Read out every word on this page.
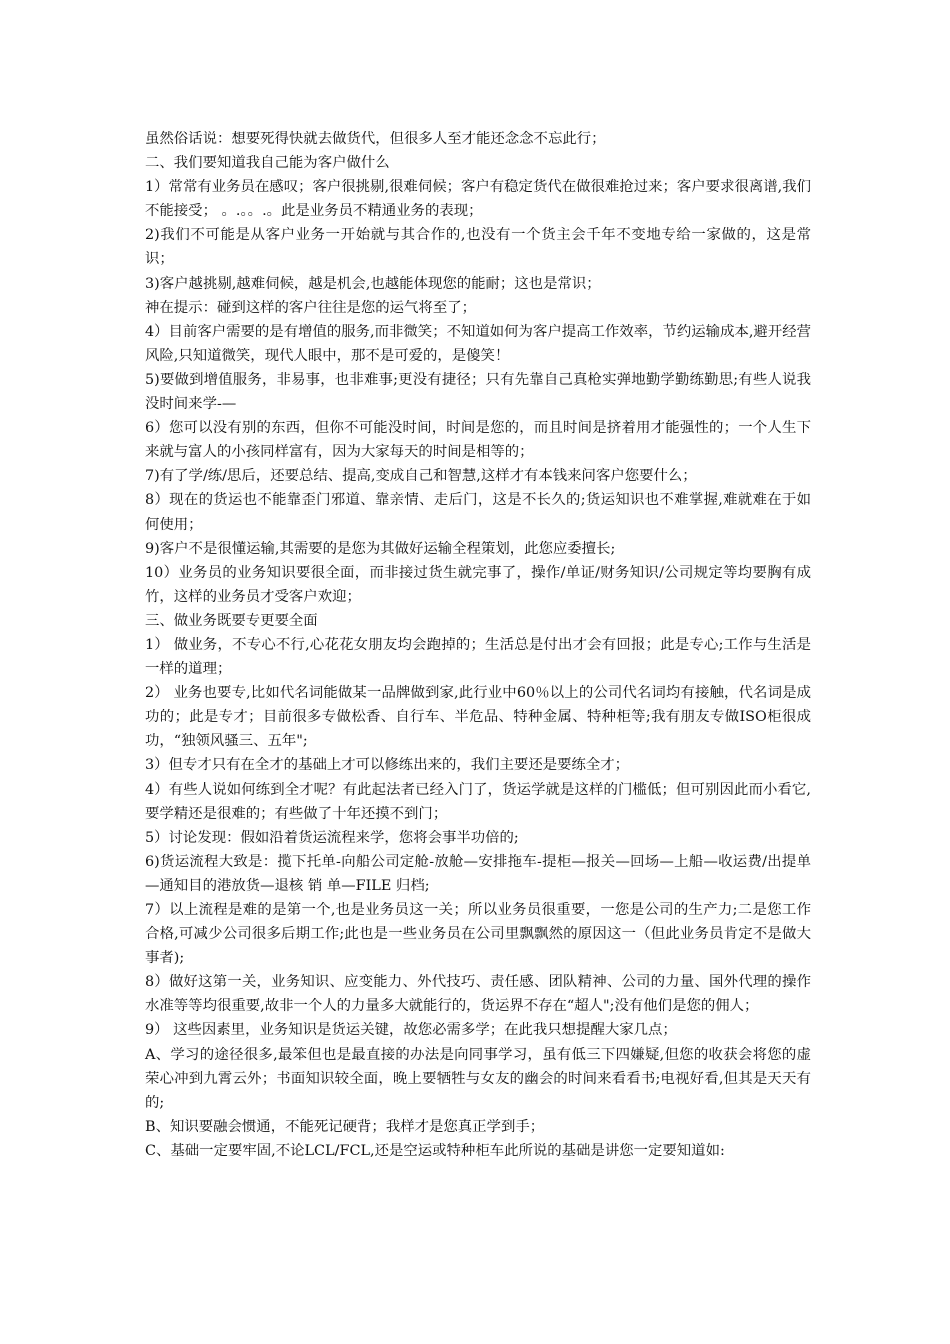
虽然俗话说：想要死得快就去做货代，但很多人至才能还念念不忘此行；

二、我们要知道我自己能为客户做什么

1）常常有业务员在感叹；客户很挑剔,很难伺候；客户有稳定货代在做很难抢过来；客户要求很离谱,我们不能接受； 。.。。.。此是业务员不精通业务的表现；

2)我们不可能是从客户业务一开始就与其合作的,也没有一个货主会千年不变地专给一家做的，这是常识；

3)客户越挑剔,越难伺候，越是机会,也越能体现您的能耐；这也是常识；

神在提示：碰到这样的客户往往是您的运气将至了；

4）目前客户需要的是有增值的服务,而非微笑；不知道如何为客户提高工作效率，节约运输成本,避开经营风险,只知道微笑，现代人眼中，那不是可爱的，是傻笑！

5)要做到增值服务，非易事，也非难事;更没有捷径；只有先靠自己真枪实弹地勤学勤练勤思;有些人说我没时间来学-—

6）您可以没有别的东西，但你不可能没时间，时间是您的，而且时间是挤着用才能强性的；一个人生下来就与富人的小孩同样富有，因为大家每天的时间是相等的；

7)有了学/练/思后，还要总结、提高,变成自己和智慧,这样才有本钱来问客户您要什么；

8）现在的货运也不能靠歪门邪道、靠亲情、走后门，这是不长久的;货运知识也不难掌握,难就难在于如何使用；

9)客户不是很懂运输,其需要的是您为其做好运输全程策划，此您应委擅长;

10）业务员的业务知识要很全面，而非接过货生就完事了，操作/单证/财务知识/公司规定等均要胸有成竹，这样的业务员才受客户欢迎；

三、做业务既要专更要全面

1） 做业务，不专心不行,心花花女朋友均会跑掉的；生活总是付出才会有回报；此是专心;工作与生活是一样的道理；

2） 业务也要专,比如代名词能做某一品牌做到家,此行业中60％以上的公司代名词均有接触，代名词是成功的；此是专才；目前很多专做松香、自行车、半危品、特种金属、特种柜等;我有朋友专做ISO柜很成功，“独领风骚三、五年";

3）但专才只有在全才的基础上才可以修练出来的，我们主要还是要练全才；

4）有些人说如何练到全才呢？有此起法者已经入门了，货运学就是这样的门槛低；但可别因此而小看它,要学精还是很难的；有些做了十年还摸不到门；

5）讨论发现：假如沿着货运流程来学，您将会事半功倍的;

6)货运流程大致是：揽下托单-向船公司定舱-放舱—安排拖车-提柜—报关—回场—上船—收运费/出提单—通知目的港放货—退核 销 单—FILE 归档;

7）以上流程是难的是第一个,也是业务员这一关；所以业务员很重要，一您是公司的生产力;二是您工作合格,可减少公司很多后期工作;此也是一些业务员在公司里飘飘然的原因这一（但此业务员肯定不是做大事者);

8）做好这第一关，业务知识、应变能力、外代技巧、责任感、团队精神、公司的力量、国外代理的操作水准等等均很重要,故非一个人的力量多大就能行的，货运界不存在“超人";没有他们是您的佣人；

9） 这些因素里，业务知识是货运关键，故您必需多学；在此我只想提醒大家几点；

A、学习的途径很多,最笨但也是最直接的办法是向同事学习，虽有低三下四嫌疑,但您的收获会将您的虚荣心冲到九霄云外；书面知识较全面，晚上要牺牲与女友的幽会的时间来看看书;电视好看,但其是天天有的;

B、知识要融会惯通，不能死记硬背；我样才是您真正学到手；

C、基础一定要牢固,不论LCL/FCL,还是空运或特种柜车此所说的基础是讲您一定要知道如:
